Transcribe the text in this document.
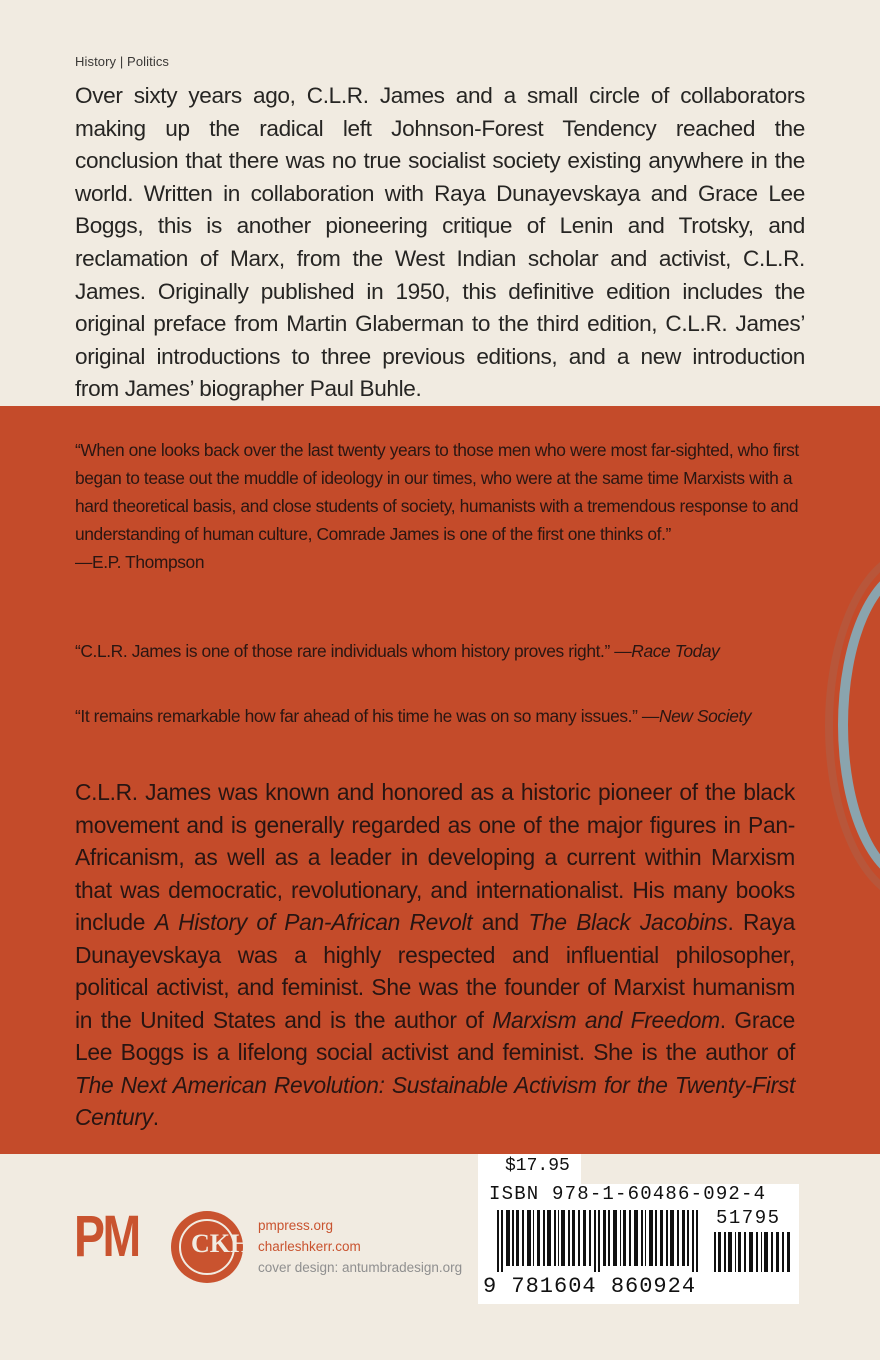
History | Politics
Over sixty years ago, C.L.R. James and a small circle of collaborators making up the radical left Johnson-Forest Tendency reached the conclusion that there was no true socialist society existing anywhere in the world. Written in collaboration with Raya Dunayevskaya and Grace Lee Boggs, this is another pioneering critique of Lenin and Trotsky, and reclamation of Marx, from the West Indian scholar and activist, C.L.R. James. Originally published in 1950, this definitive edition includes the original preface from Martin Glaberman to the third edition, C.L.R. James’ original introductions to three previous editions, and a new introduction from James’ biographer Paul Buhle.

“When one looks back over the last twenty years to those men who were most far-sighted, who first began to tease out the muddle of ideology in our times, who were at the same time Marxists with a hard theoretical basis, and close students of society, humanists with a tremendous response to and understanding of human culture, Comrade James is one of the first one thinks of.”

—E.P. Thompson

“C.L.R. James is one of those rare individuals whom history proves right.” —Race Today
“It remains remarkable how far ahead of his time he was on so many issues.” —New Society
C.L.R. James was known and honored as a historic pioneer of the black movement and is generally regarded as one of the major figures in Pan-Africanism, as well as a leader in developing a current within Marxism that was democratic, revolutionary, and internationalist. His many books include A History of Pan-African Revolt and The Black Jacobins. Raya Dunayevskaya was a highly respected and influential philosopher, political activist, and feminist. She was the founder of Marxist humanism in the United States and is the author of Marxism and Freedom. Grace Lee Boggs is a lifelong social activist and feminist. She is the author of The Next American Revolution: Sustainable Activism for the Twenty-First Century.
PM CKH
pmpress.org
charleshkerr.com
cover design: antumbradesign.org
$17.95
ISBN 978-1-60486-092-4
51795
9 781604 860924
